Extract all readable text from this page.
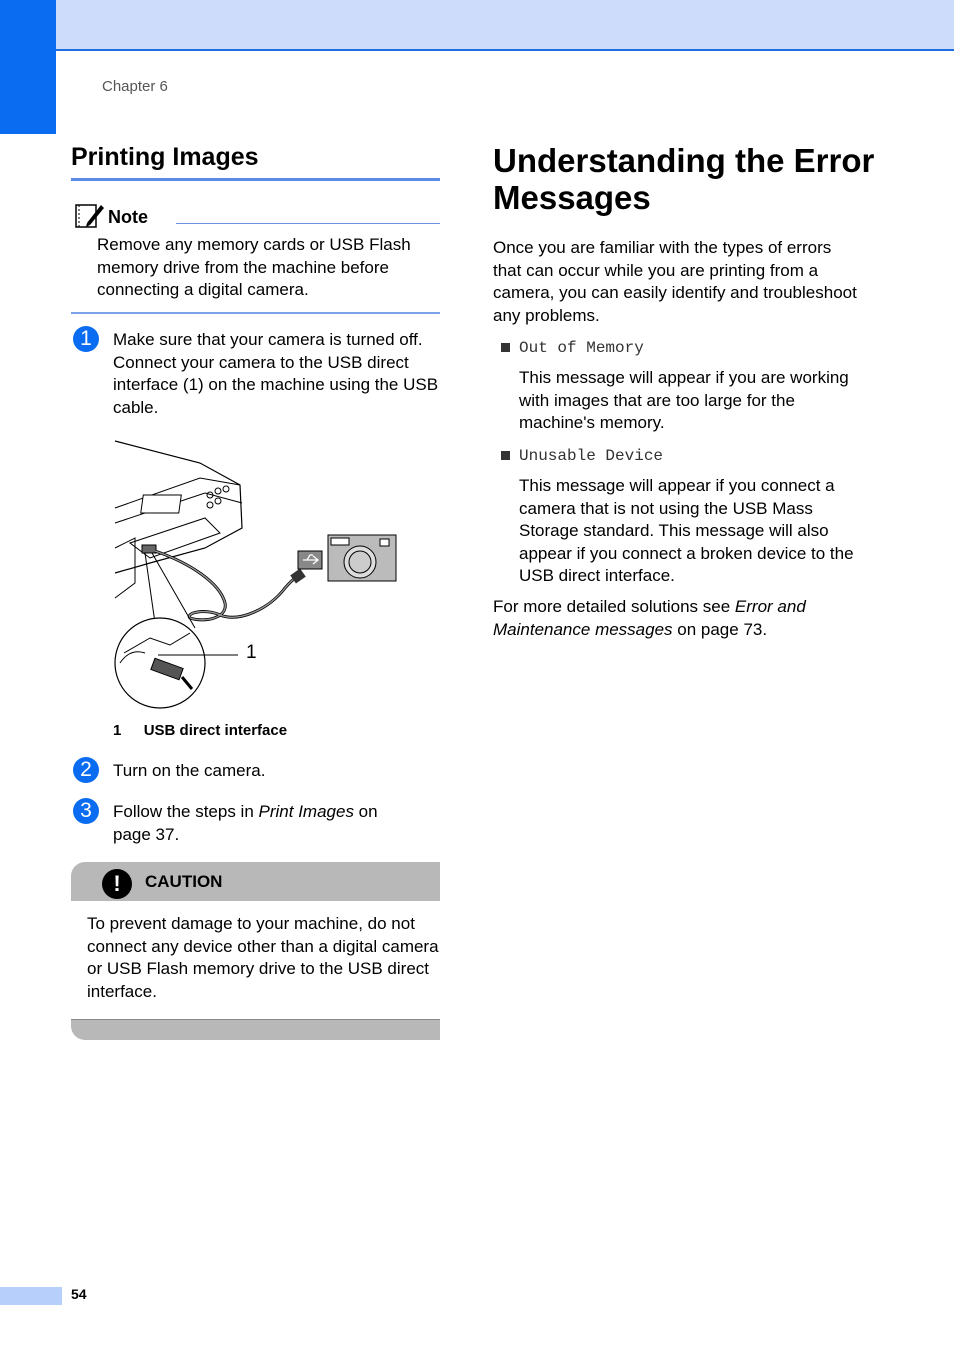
Chapter 6
Printing Images
Note
Remove any memory cards or USB Flash memory drive from the machine before connecting a digital camera.
1	Make sure that your camera is turned off. Connect your camera to the USB direct interface (1) on the machine using the USB cable.
1
1 USB direct interface
2	Turn on the camera.
3	Follow the steps in Print Images on page 37.
!	CAUTION
To prevent damage to your machine, do not connect any device other than a digital camera or USB Flash memory drive to the USB direct interface.
Understanding the Error Messages
Once you are familiar with the types of errors that can occur while you are printing from a camera, you can easily identify and troubleshoot any problems.
Out of Memory
This message will appear if you are working with images that are too large for the machine's memory.
Unusable Device
This message will appear if you connect a camera that is not using the USB Mass Storage standard. This message will also appear if you connect a broken device to the USB direct interface.
For more detailed solutions see Error and Maintenance messages on page 73.
54
